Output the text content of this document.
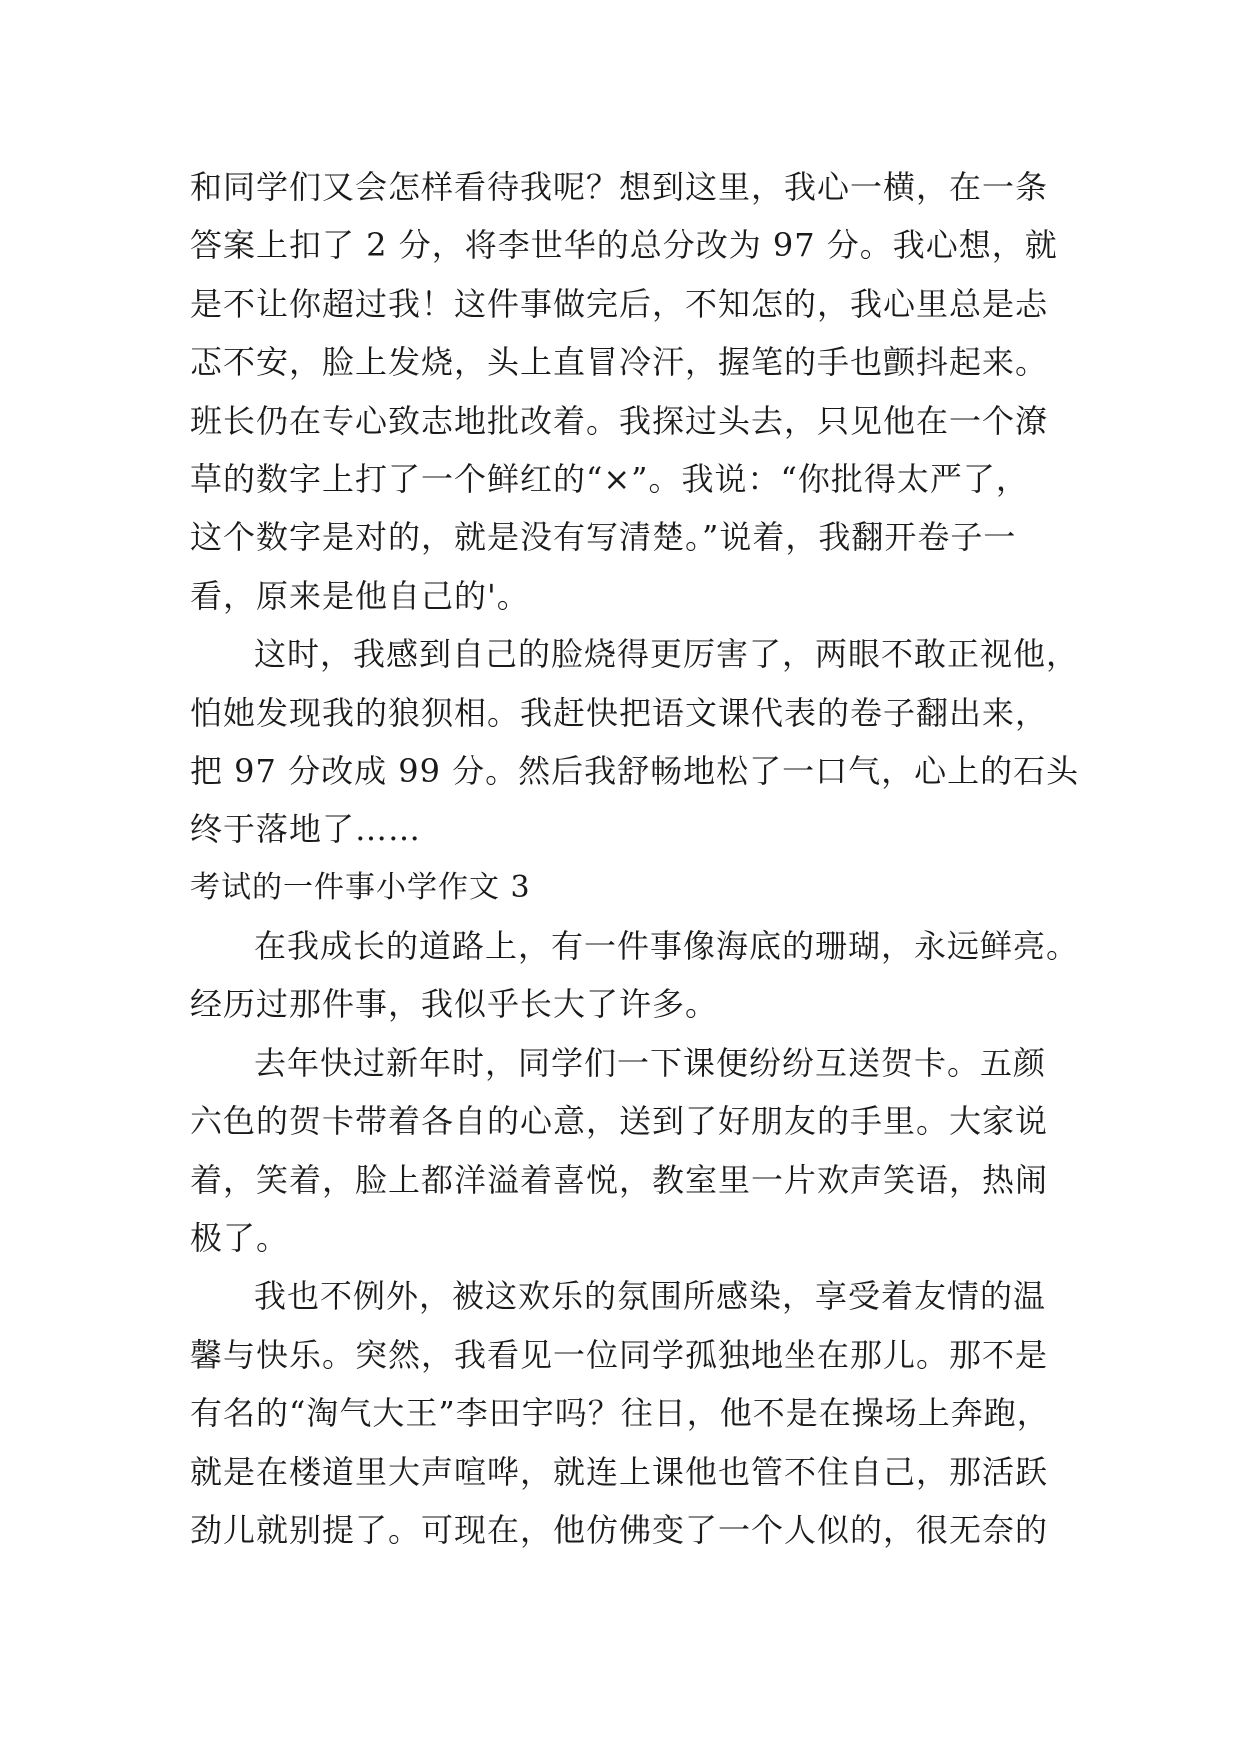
和同学们又会怎样看待我呢？想到这里，我心一横，在一条
答案上扣了 2 分，将李世华的总分改为 97 分。我心想，就
是不让你超过我！这件事做完后，不知怎的，我心里总是忐
忑不安，脸上发烧，头上直冒冷汗，握笔的手也颤抖起来。
班长仍在专心致志地批改着。我探过头去，只见他在一个潦
草的数字上打了一个鲜红的“×”。我说：“你批得太严了，
这个数字是对的，就是没有写清楚。”说着，我翻开卷子一
看，原来是他自己的'。
这时，我感到自己的脸烧得更厉害了，两眼不敢正视他，
怕她发现我的狼狈相。我赶快把语文课代表的卷子翻出来，
把 97 分改成 99 分。然后我舒畅地松了一口气，心上的石头
终于落地了……
考试的一件事小学作文 3
在我成长的道路上，有一件事像海底的珊瑚，永远鲜亮。
经历过那件事，我似乎长大了许多。
去年快过新年时，同学们一下课便纷纷互送贺卡。五颜
六色的贺卡带着各自的心意，送到了好朋友的手里。大家说
着，笑着，脸上都洋溢着喜悦，教室里一片欢声笑语，热闹
极了。
我也不例外，被这欢乐的氛围所感染，享受着友情的温
馨与快乐。突然，我看见一位同学孤独地坐在那儿。那不是
有名的“淘气大王”李田宇吗？往日，他不是在操场上奔跑，
就是在楼道里大声喧哗，就连上课他也管不住自己，那活跃
劲儿就别提了。可现在，他仿佛变了一个人似的，很无奈的
